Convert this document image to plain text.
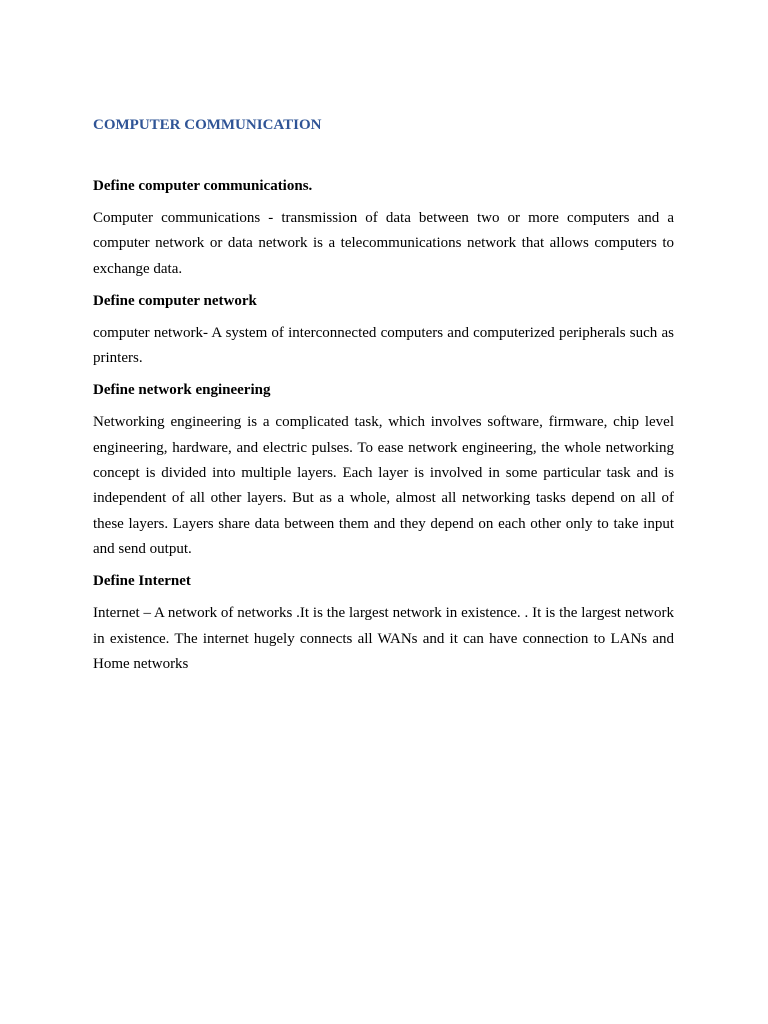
COMPUTER COMMUNICATION

Define computer communications.

Computer communications - transmission of data between two or more computers and a computer network or data network is a telecommunications network that allows computers to exchange data.

Define computer network

computer network- A system of interconnected computers and computerized peripherals such as printers.

Define network engineering

Networking engineering is a complicated task, which involves software, firmware, chip level engineering, hardware, and electric pulses. To ease network engineering, the whole networking concept is divided into multiple layers. Each layer is involved in some particular task and is independent of all other layers. But as a whole, almost all networking tasks depend on all of these layers. Layers share data between them and they depend on each other only to take input and send output.

Define Internet

Internet – A network of networks .It is the largest network in existence. . It is the largest network in existence. The internet hugely connects all WANs and it can have connection to LANs and Home networks
